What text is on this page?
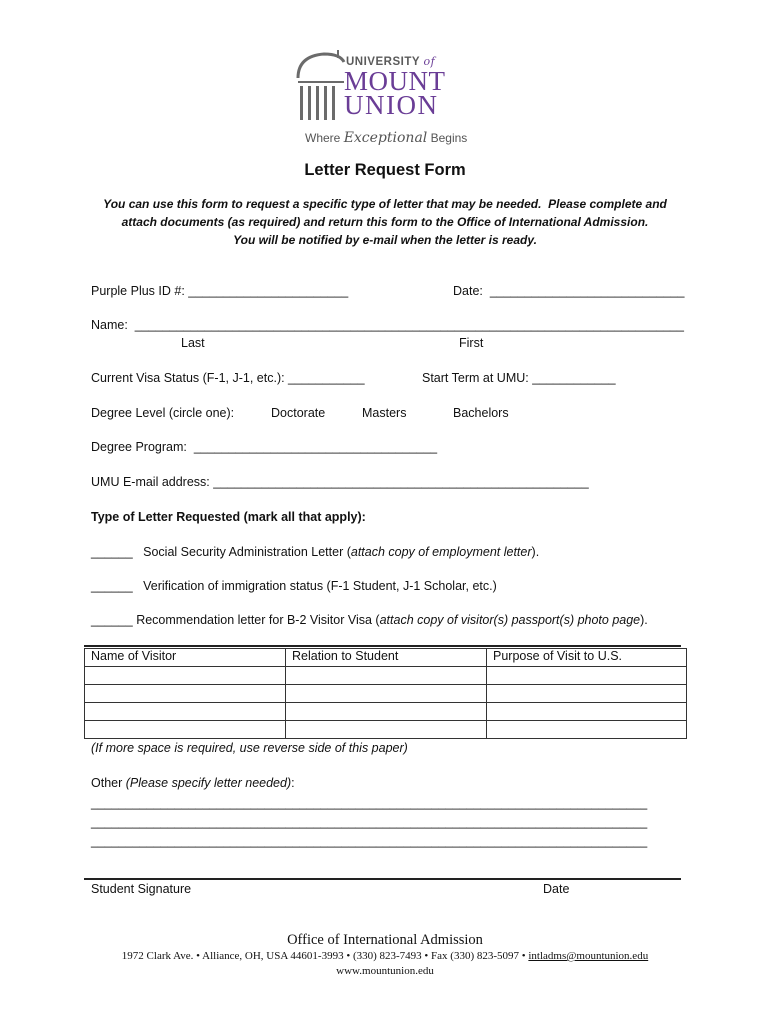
UNIVERSITY of
MOUNT
UNION
Where Exceptional Begins
Letter Request Form
You can use this form to request a specific type of letter that may be needed.  Please complete and
attach documents (as required) and return this form to the Office of International Admission.
You will be notified by e-mail when the letter is ready.
Purple Plus ID #: _______________________	Date:  ____________________________
Name:  _______________________________________________________________________________
Last	First
Current Visa Status (F-1, J-1, etc.): ___________	Start Term at UMU: ____________
Degree Level (circle one):	Doctorate	Masters	Bachelors
Degree Program:  ___________________________________
UMU E-mail address: ______________________________________________________
Type of Letter Requested (mark all that apply):
______ Social Security Administration Letter (attach copy of employment letter).
______ Verification of immigration status (F-1 Student, J-1 Scholar, etc.)
______ Recommendation letter for B-2 Visitor Visa (attach copy of visitor(s) passport(s) photo page).
Name of Visitor	Relation to Student	Purpose of Visit to U.S.

(If more space is required, use reverse side of this paper)
Other (Please specify letter needed):
________________________________________________________________________________
________________________________________________________________________________
________________________________________________________________________________
Student Signature	Date
Office of International Admission
1972 Clark Ave. • Alliance, OH, USA 44601-3993 • (330) 823-7493 • Fax (330) 823-5097 • intladms@mountunion.edu
www.mountunion.edu
